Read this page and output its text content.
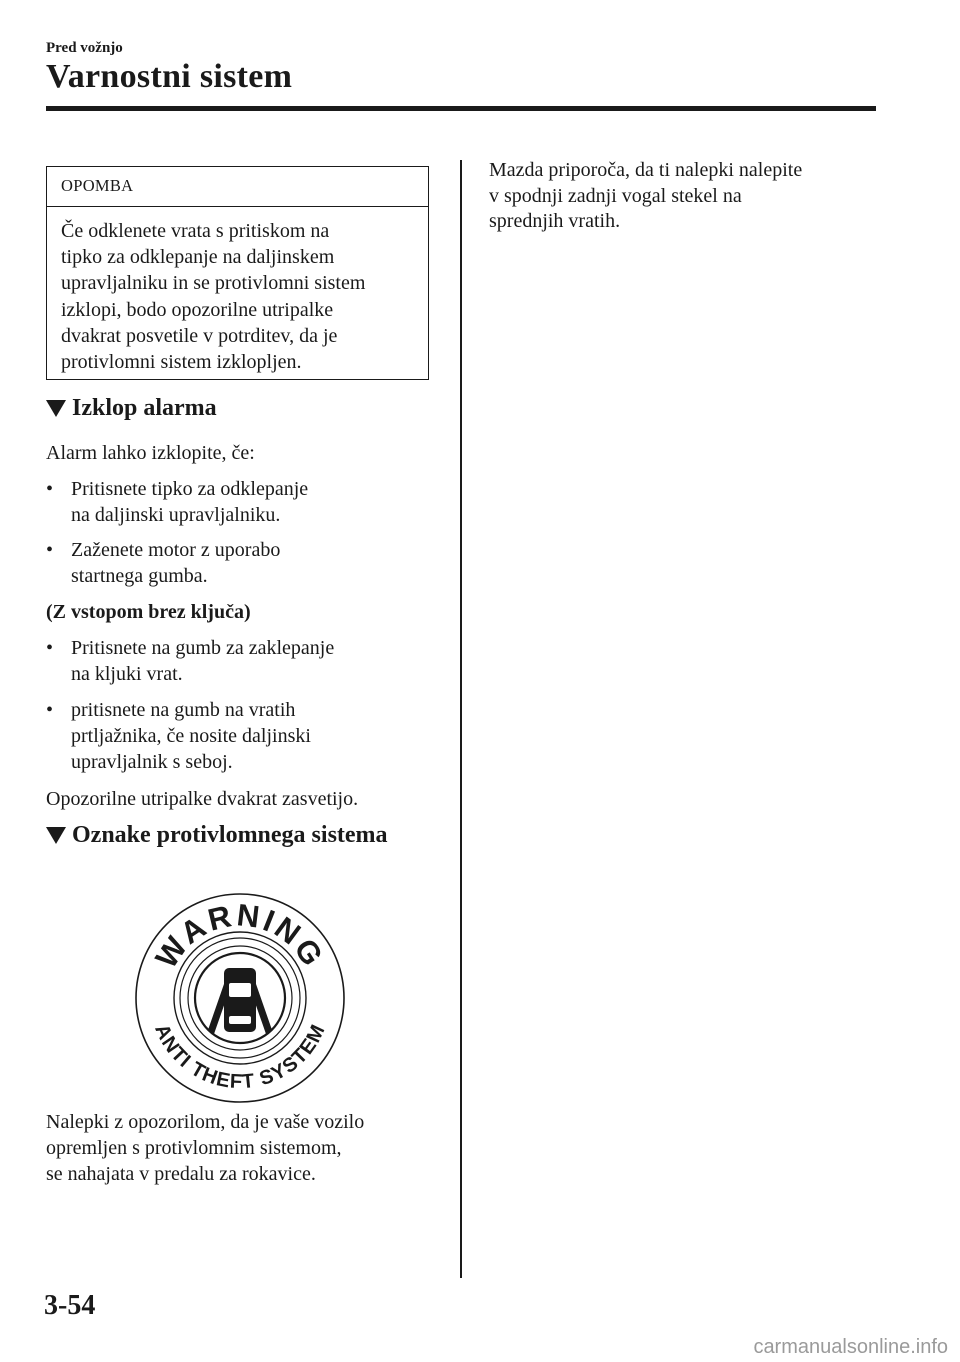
Pred vožnjo
Varnostni sistem
OPOMBA
Če odklenete vrata s pritiskom na
tipko za odklepanje na daljinskem
upravljalniku in se protivlomni sistem
izklopi, bodo opozorilne utripalke
dvakrat posvetile v potrditev, da je
protivlomni sistem izklopljen.
Izklop alarma

Alarm lahko izklopite, če:

• Pritisnete tipko za odklepanje
na daljinski upravljalniku.
• Zaženete motor z uporabo
startnega gumba.

(Z vstopom brez ključa)

• Pritisnete na gumb za zaklepanje
na kljuki vrat.
• pritisnete na gumb na vratih
prtljažnika, če nosite daljinski
upravljalnik s seboj.

Opozorilne utripalke dvakrat zasvetijo.

Oznake protivlomnega sistema
WARNING
ANTI THEFT SYSTEM
Nalepki z opozorilom, da je vaše vozilo
opremljen s protivlomnim sistemom,
se nahajata v predalu za rokavice.
Mazda priporoča, da ti nalepki nalepite
v spodnji zadnji vogal stekel na
sprednjih vratih.
3-54
carmanualsonline.info
